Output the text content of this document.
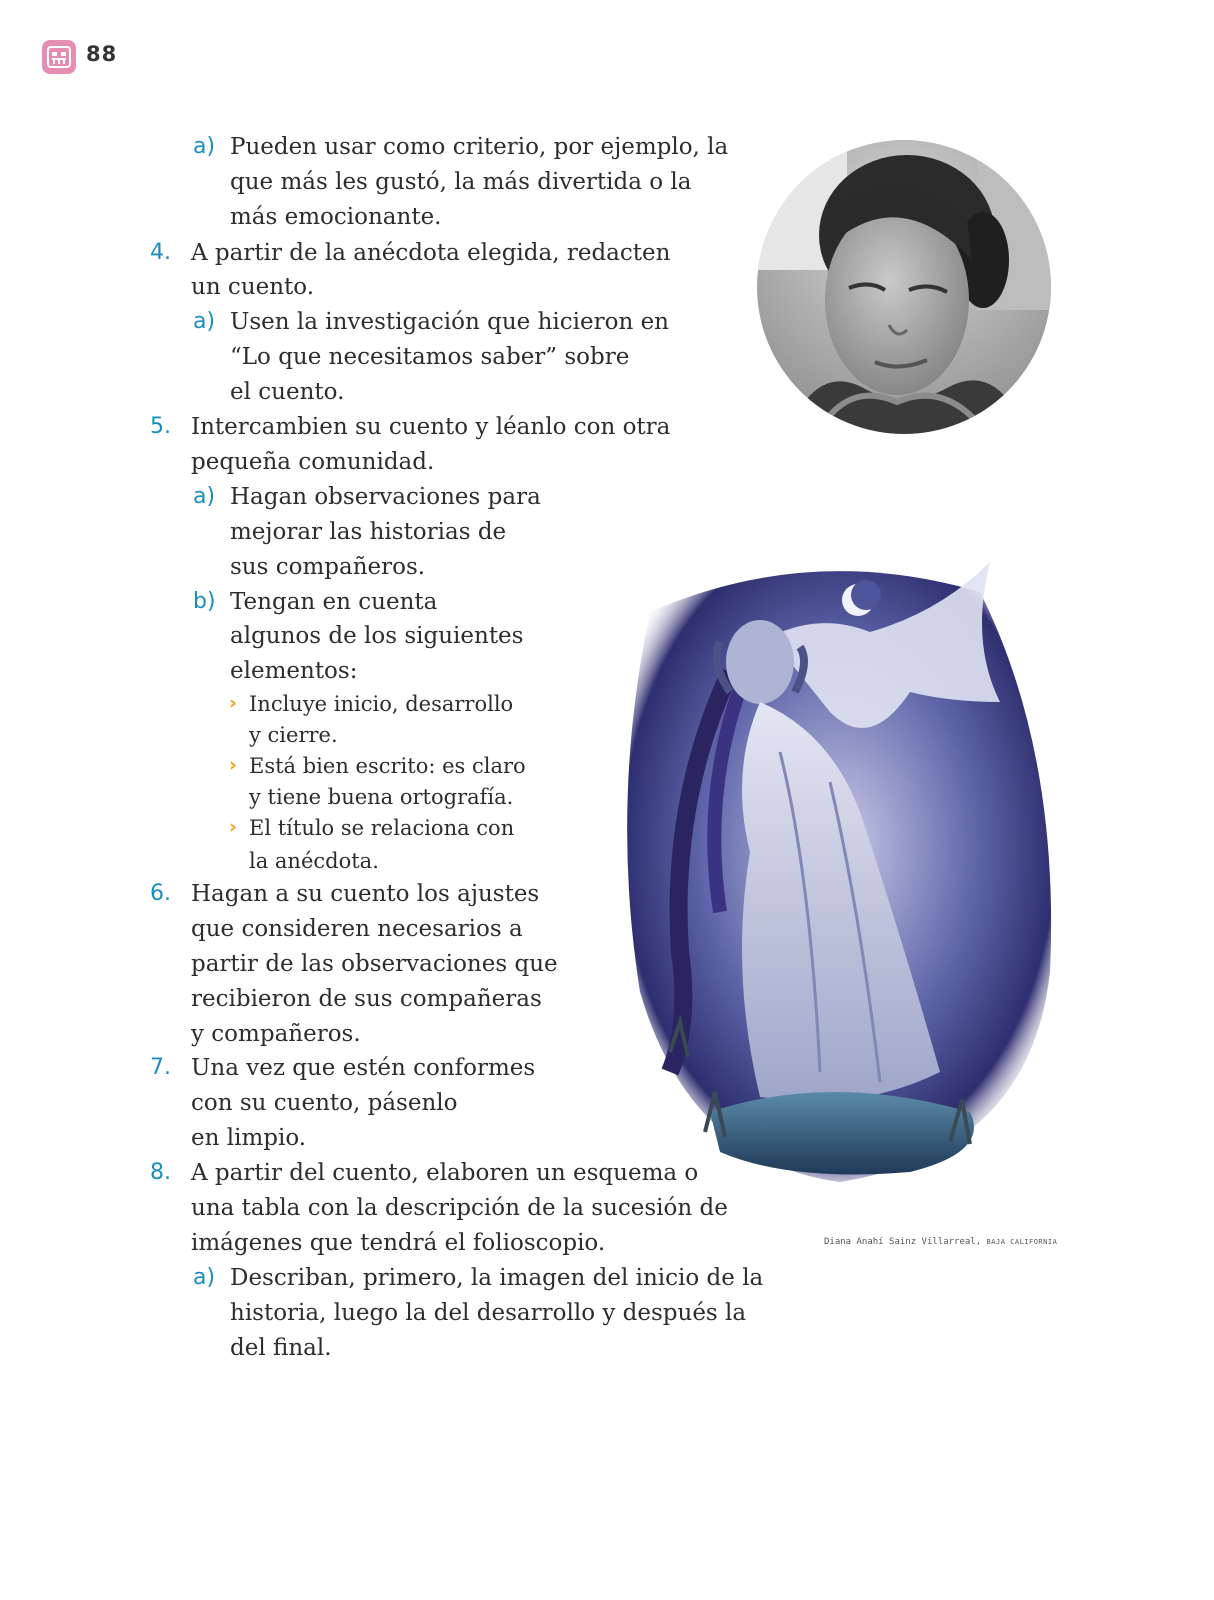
88
a) Pueden usar como criterio, por ejemplo, la
que más les gustó, la más divertida o la
más emocionante.
4. A partir de la anécdota elegida, redacten
un cuento.
a) Usen la investigación que hicieron en
“Lo que necesitamos saber” sobre
el cuento.
5. Intercambien su cuento y léanlo con otra
pequeña comunidad.
a) Hagan observaciones para
mejorar las historias de
sus compañeros.
b) Tengan en cuenta
algunos de los siguientes
elementos:
› Incluye inicio, desarrollo
y cierre.
› Está bien escrito: es claro
y tiene buena ortografía.
› El título se relaciona con
la anécdota.
6. Hagan a su cuento los ajustes
que consideren necesarios a
partir de las observaciones que
recibieron de sus compañeras
y compañeros.
7. Una vez que estén conformes
con su cuento, pásenlo
en limpio.
8. A partir del cuento, elaboren un esquema o
una tabla con la descripción de la sucesión de
imágenes que tendrá el folioscopio.
a) Describan, primero, la imagen del inicio de la
historia, luego la del desarrollo y después la
del final.
Diana Anahí Sainz Villarreal, BAJA CALIFORNIA
